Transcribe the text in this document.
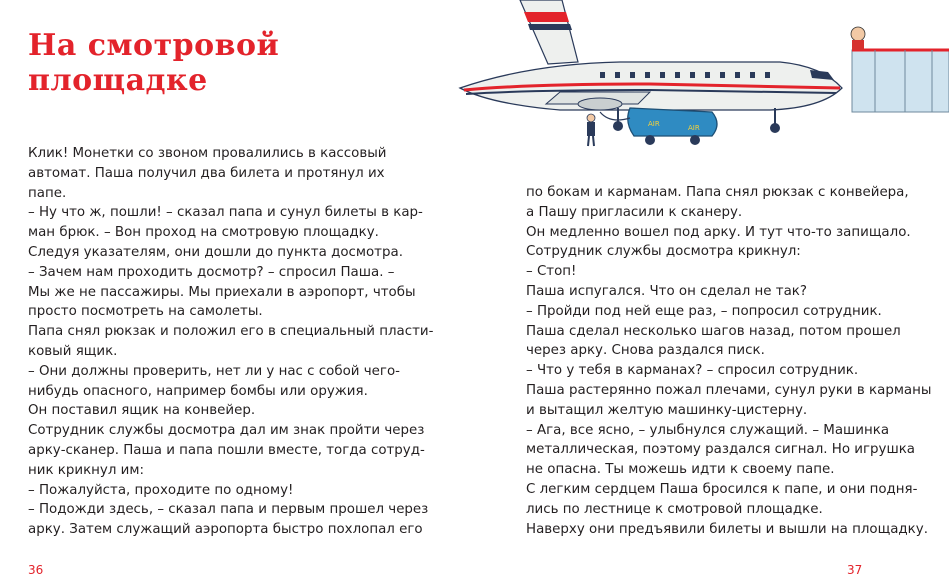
На смотровой
площадке

Клик! Монетки со звоном провалились в кассовый

автомат. Паша получил два билета и протянул их

папе.

– Ну что ж, пошли! – сказал папа и сунул билеты в кар-

ман брюк. – Вон проход на смотровую площадку.

Следуя указателям, они дошли до пункта досмотра.

– Зачем нам проходить досмотр? – спросил Паша. –

Мы же не пассажиры. Мы приехали в аэропорт, чтобы

просто посмотреть на самолеты.

Папа снял рюкзак и положил его в специальный пласти-

ковый ящик.

– Они должны проверить, нет ли у нас с собой чего-

нибудь опасного, например бомбы или оружия.

Он поставил ящик на конвейер.

Сотрудник службы досмотра дал им знак пройти через

арку-сканер. Паша и папа пошли вместе, тогда сотруд-

ник крикнул им:

– Пожалуйста, проходите по одному!

– Подожди здесь, – сказал папа и первым прошел через

арку. Затем служащий аэропорта быстро похлопал его

по бокам и карманам. Папа снял рюкзак с конвейера,

а Пашу пригласили к сканеру.

Он медленно вошел под арку. И тут что-то запищало.

Сотрудник службы досмотра крикнул:

– Стоп!

Паша испугался. Что он сделал не так?

– Пройди под ней еще раз, – попросил сотрудник.

Паша сделал несколько шагов назад, потом прошел

через арку. Снова раздался писк.

– Что у тебя в карманах? – спросил сотрудник.

Паша растерянно пожал плечами, сунул руки в карманы

и вытащил желтую машинку-цистерну.

– Ага, все ясно, – улыбнулся служащий. – Машинка

металлическая, поэтому раздался сигнал. Но игрушка

не опасна. Ты можешь идти к своему папе.

С легким сердцем Паша бросился к папе, и они подня-

лись по лестнице к смотровой площадке.

Наверху они предъявили билеты и вышли на площадку.

AIR	AIR
36	37
